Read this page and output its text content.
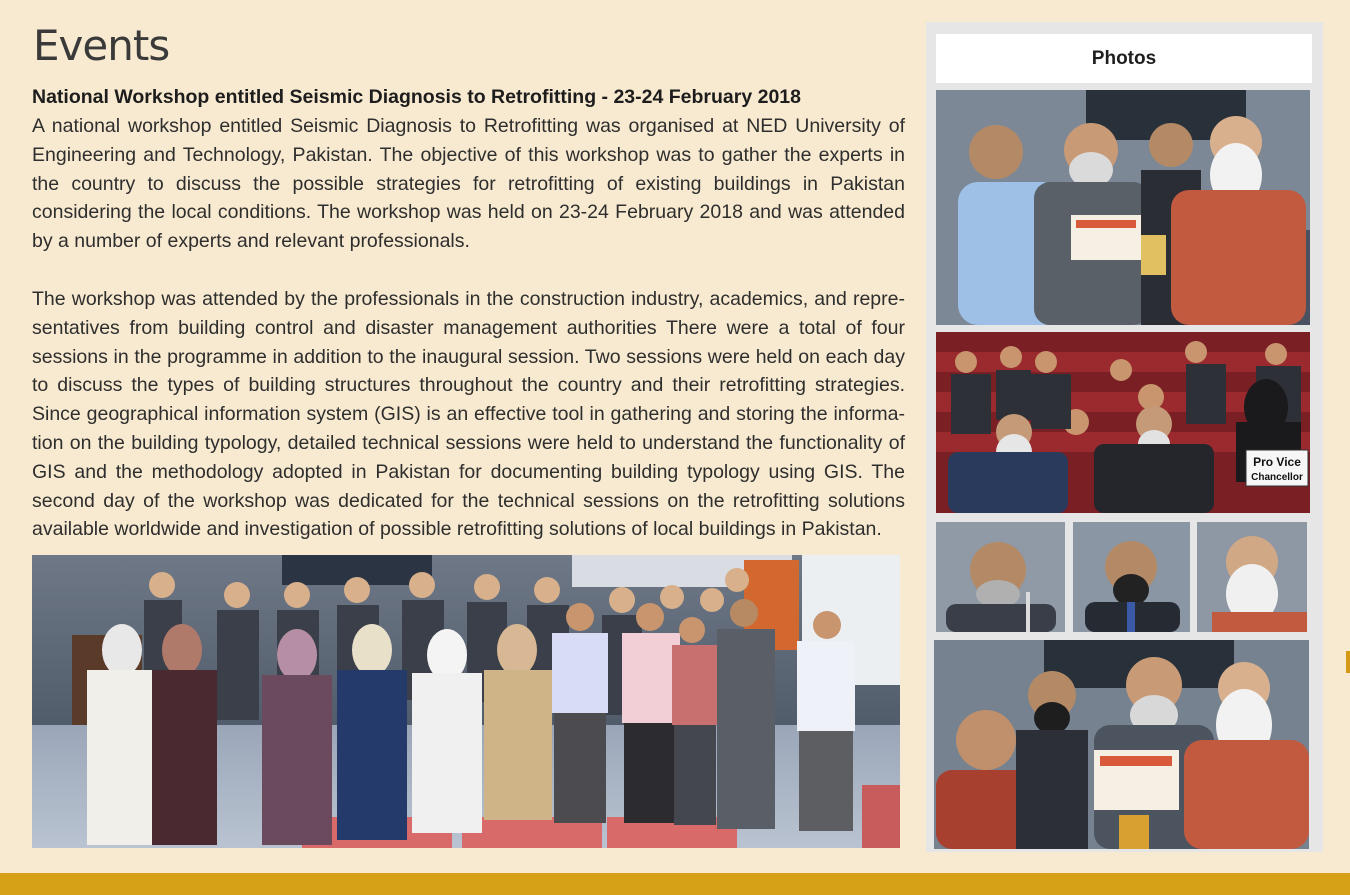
Events
National Workshop entitled Seismic Diagnosis to Retrofitting - 23-24 February 2018

A national workshop entitled Seismic Diagnosis to Retrofitting was organised at NED University of Engineering and Technology, Pakistan. The objective of this workshop was to gather the experts in the country to discuss the possible strategies for retrofitting of existing buildings in Pakistan considering the local conditions. The workshop was held on 23-24 February 2018 and was attended by a number of experts and relevant professionals.

The workshop was attended by the professionals in the construction industry, academics, and representatives from building control and disaster management authorities There were a total of four sessions in the programme in addition to the inaugural session. Two sessions were held on each day to discuss the types of building structures throughout the country and their retrofitting strategies. Since geographical information system (GIS) is an effective tool in gathering and storing the information on the building typology, detailed technical sessions were held to understand the functionality of GIS and the methodology adopted in Pakistan for documenting building typology using GIS. The second day of the workshop was dedicated for the technical sessions on the retrofitting solutions available worldwide and investigation of possible retrofitting solutions of local buildings in Pakistan.

Photos
Pro Vice
Chancellor
